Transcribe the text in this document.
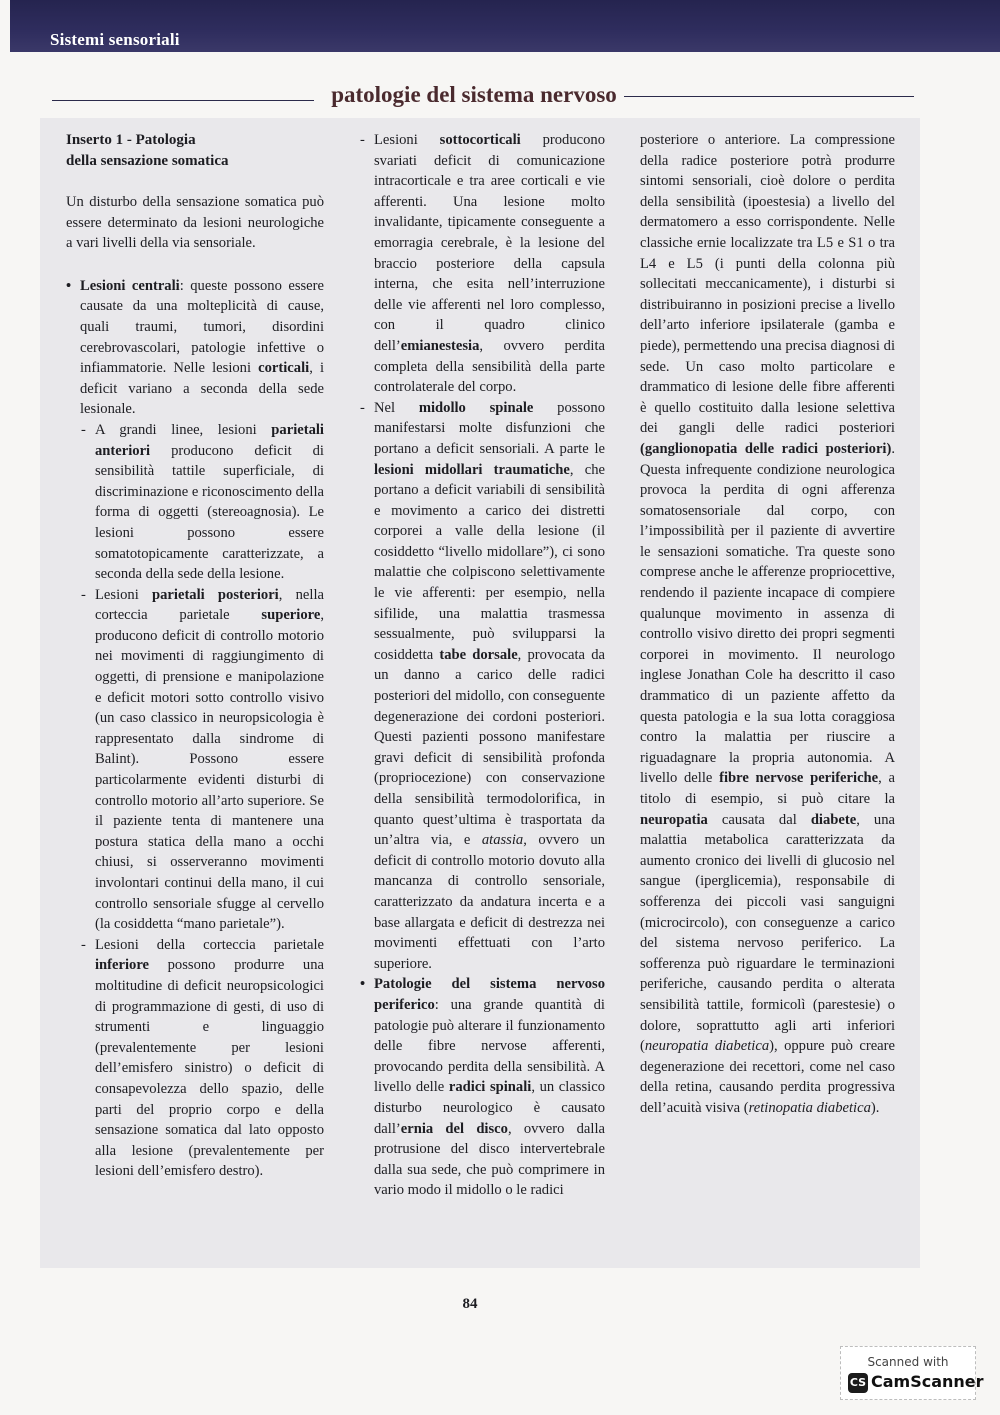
Sistemi sensoriali
patologie del sistema nervoso

Inserto 1 - Patologia
della sensazione somatica

Un disturbo della sensazione somatica può essere determinato da lesioni neurologiche a vari livelli della via sensoriale.

• Lesioni centrali: queste possono essere causate da una molteplicità di cause, quali traumi, tumori, disordini cerebrovascolari, patologie infettive o infiammatorie. Nelle lesioni corticali, i deficit variano a seconda della sede lesionale.

- A grandi linee, lesioni parietali anteriori producono deficit di sensibilità tattile superficiale, di discriminazione e riconoscimento della forma di oggetti (stereoagnosia). Le lesioni possono essere somatotopicamente caratterizzate, a seconda della sede della lesione.

- Lesioni parietali posteriori, nella corteccia parietale superiore, producono deficit di controllo motorio nei movimenti di raggiungimento di oggetti, di prensione e manipolazione e deficit motori sotto controllo visivo (un caso classico in neuropsicologia è rappresentato dalla sindrome di Balint). Possono essere particolarmente evidenti disturbi di controllo motorio all’arto superiore. Se il paziente tenta di mantenere una postura statica della mano a occhi chiusi, si osserveranno movimenti involontari continui della mano, il cui controllo sensoriale sfugge al cervello (la cosiddetta “mano parietale”).

- Lesioni della corteccia parietale inferiore possono produrre una moltitudine di deficit neuropsicologici di programmazione di gesti, di uso di strumenti e linguaggio (prevalentemente per lesioni dell’emisfero sinistro) o deficit di consapevolezza dello spazio, delle parti del proprio corpo e della sensazione somatica dal lato opposto alla lesione (prevalentemente per lesioni dell’emisfero destro).

- Lesioni sottocorticali producono svariati deficit di comunicazione intracorticale e tra aree corticali e vie afferenti. Una lesione molto invalidante, tipicamente conseguente a emorragia cerebrale, è la lesione del braccio posteriore della capsula interna, che esita nell’interruzione delle vie afferenti nel loro complesso, con il quadro clinico dell’emianestesia, ovvero perdita completa della sensibilità della parte controlaterale del corpo.

- Nel midollo spinale possono manifestarsi molte disfunzioni che portano a deficit sensoriali. A parte le lesioni midollari traumatiche, che portano a deficit variabili di sensibilità e movimento a carico dei distretti corporei a valle della lesione (il cosiddetto “livello midollare”), ci sono malattie che colpiscono selettivamente le vie afferenti: per esempio, nella sifilide, una malattia trasmessa sessualmente, può svilupparsi la cosiddetta tabe dorsale, provocata da un danno a carico delle radici posteriori del midollo, con conseguente degenerazione dei cordoni posteriori. Questi pazienti possono manifestare gravi deficit di sensibilità profonda (propriocezione) con conservazione della sensibilità termodolorifica, in quanto quest’ultima è trasportata da un’altra via, e atassia, ovvero un deficit di controllo motorio dovuto alla mancanza di controllo sensoriale, caratterizzato da andatura incerta e a base allargata e deficit di destrezza nei movimenti effettuati con l’arto superiore.

• Patologie del sistema nervoso periferico: una grande quantità di patologie può alterare il funzionamento delle fibre nervose afferenti, provocando perdita della sensibilità. A livello delle radici spinali, un classico disturbo neurologico è causato dall’ernia del disco, ovvero dalla protrusione del disco intervertebrale dalla sua sede, che può comprimere in vario modo il midollo o le radici

posteriore o anteriore. La compressione della radice posteriore potrà produrre sintomi sensoriali, cioè dolore o perdita della sensibilità (ipoestesia) a livello del dermatomero a esso corrispondente. Nelle classiche ernie localizzate tra L5 e S1 o tra L4 e L5 (i punti della colonna più sollecitati meccanicamente), i disturbi si distribuiranno in posizioni precise a livello dell’arto inferiore ipsilaterale (gamba e piede), permettendo una precisa diagnosi di sede. Un caso molto particolare e drammatico di lesione delle fibre afferenti è quello costituito dalla lesione selettiva dei gangli delle radici posteriori (ganglionopatia delle radici posteriori). Questa infrequente condizione neurologica provoca la perdita di ogni afferenza somatosensoriale dal corpo, con l’impossibilità per il paziente di avvertire le sensazioni somatiche. Tra queste sono comprese anche le afferenze propriocettive, rendendo il paziente incapace di compiere qualunque movimento in assenza di controllo visivo diretto dei propri segmenti corporei in movimento. Il neurologo inglese Jonathan Cole ha descritto il caso drammatico di un paziente affetto da questa patologia e la sua lotta coraggiosa contro la malattia per riuscire a riguadagnare la propria autonomia. A livello delle fibre nervose periferiche, a titolo di esempio, si può citare la neuropatia causata dal diabete, una malattia metabolica caratterizzata da aumento cronico dei livelli di glucosio nel sangue (iperglicemia), responsabile di sofferenza dei piccoli vasi sanguigni (microcircolo), con conseguenze a carico del sistema nervoso periferico. La sofferenza può riguardare le terminazioni periferiche, causando perdita o alterata sensibilità tattile, formicolì (parestesie) o dolore, soprattutto agli arti inferiori (neuropatia diabetica), oppure può creare degenerazione dei recettori, come nel caso della retina, causando perdita progressiva dell’acuità visiva (retinopatia diabetica).

84
Scanned with
CS CamScanner
